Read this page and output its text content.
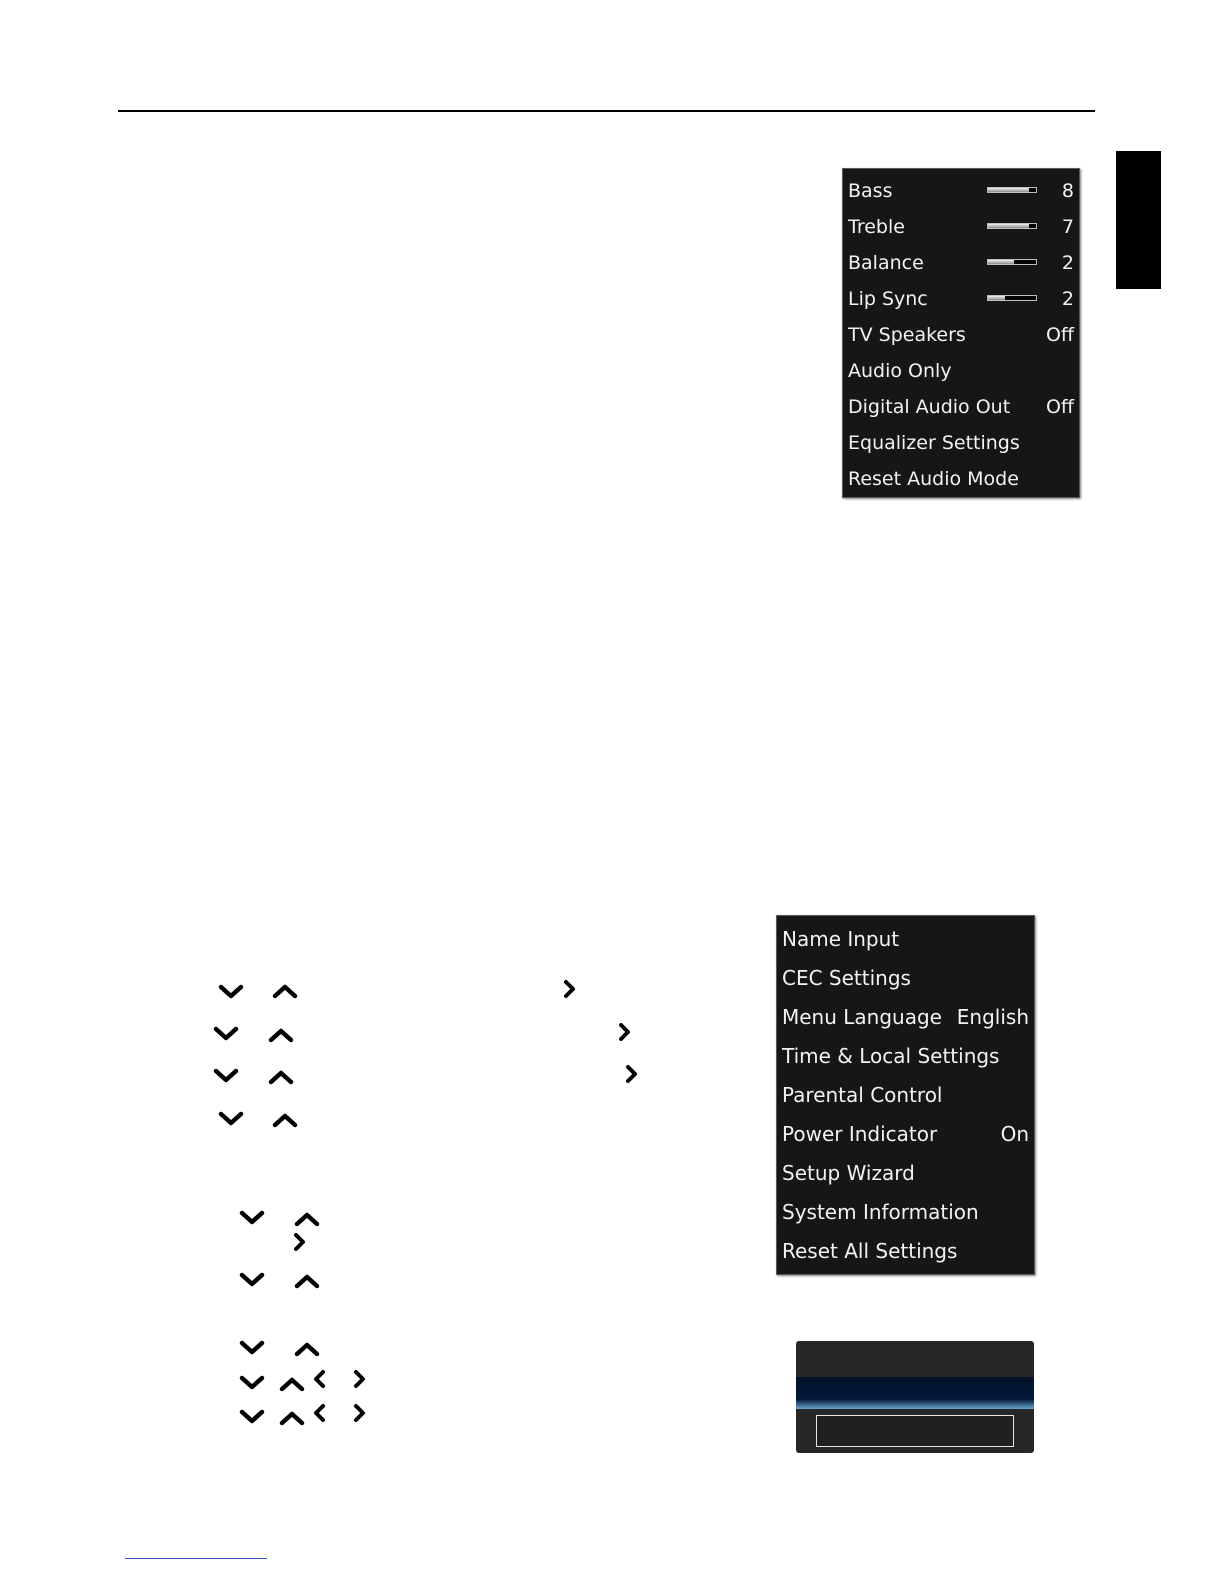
Bass	8
Treble	7
Balance	2
Lip Sync	2
TV Speakers	Off
Audio Only
Digital Audio Out Off
Equalizer Settings
Reset Audio Mode
Name Input
CEC Settings
Menu Language English
Time & Local Settings
Parental Control
Power Indicator	On
Setup Wizard
System Information
Reset All Settings
